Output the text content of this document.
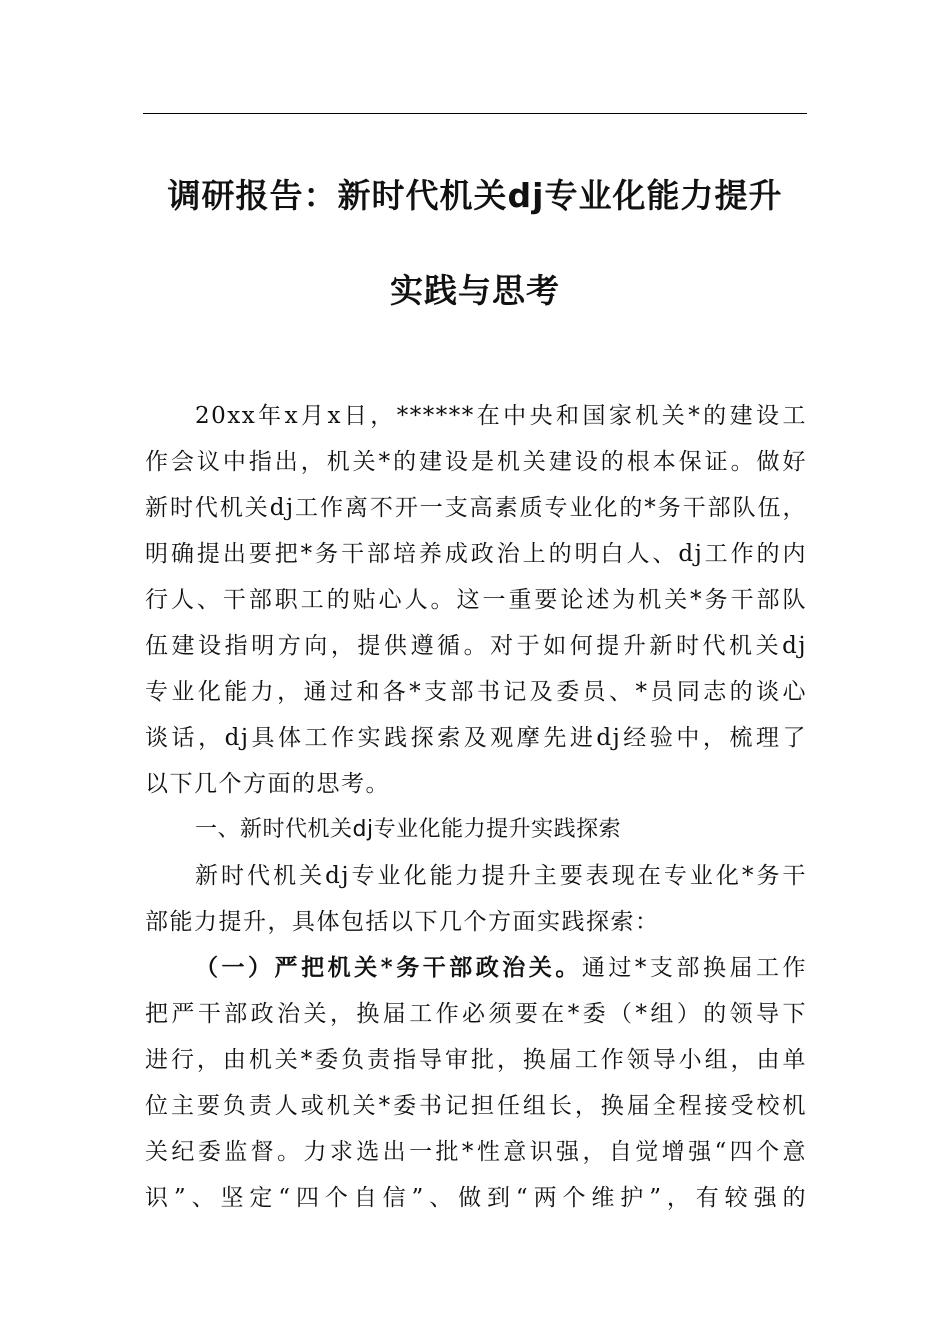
调研报告：新时代机关dj专业化能力提升
实践与思考
20xx年x月x日，******在中央和国家机关*的建设工
作会议中指出，机关*的建设是机关建设的根本保证。做好
新时代机关dj工作离不开一支高素质专业化的*务干部队伍，
明确提出要把*务干部培养成政治上的明白人、dj工作的内
行人、干部职工的贴心人。这一重要论述为机关*务干部队
伍建设指明方向，提供遵循。对于如何提升新时代机关dj
专业化能力，通过和各*支部书记及委员、*员同志的谈心
谈话，dj具体工作实践探索及观摩先进dj经验中，梳理了
以下几个方面的思考。
一、新时代机关dj专业化能力提升实践探索
新时代机关dj专业化能力提升主要表现在专业化*务干
部能力提升，具体包括以下几个方面实践探索：
（一）严把机关*务干部政治关。通过*支部换届工作
把严干部政治关，换届工作必须要在*委（*组）的领导下
进行，由机关*委负责指导审批，换届工作领导小组，由单
位主要负责人或机关*委书记担任组长，换届全程接受校机
关纪委监督。力求选出一批*性意识强，自觉增强“四个意
识”、坚定“四个自信”、做到“两个维护”，有较强的
